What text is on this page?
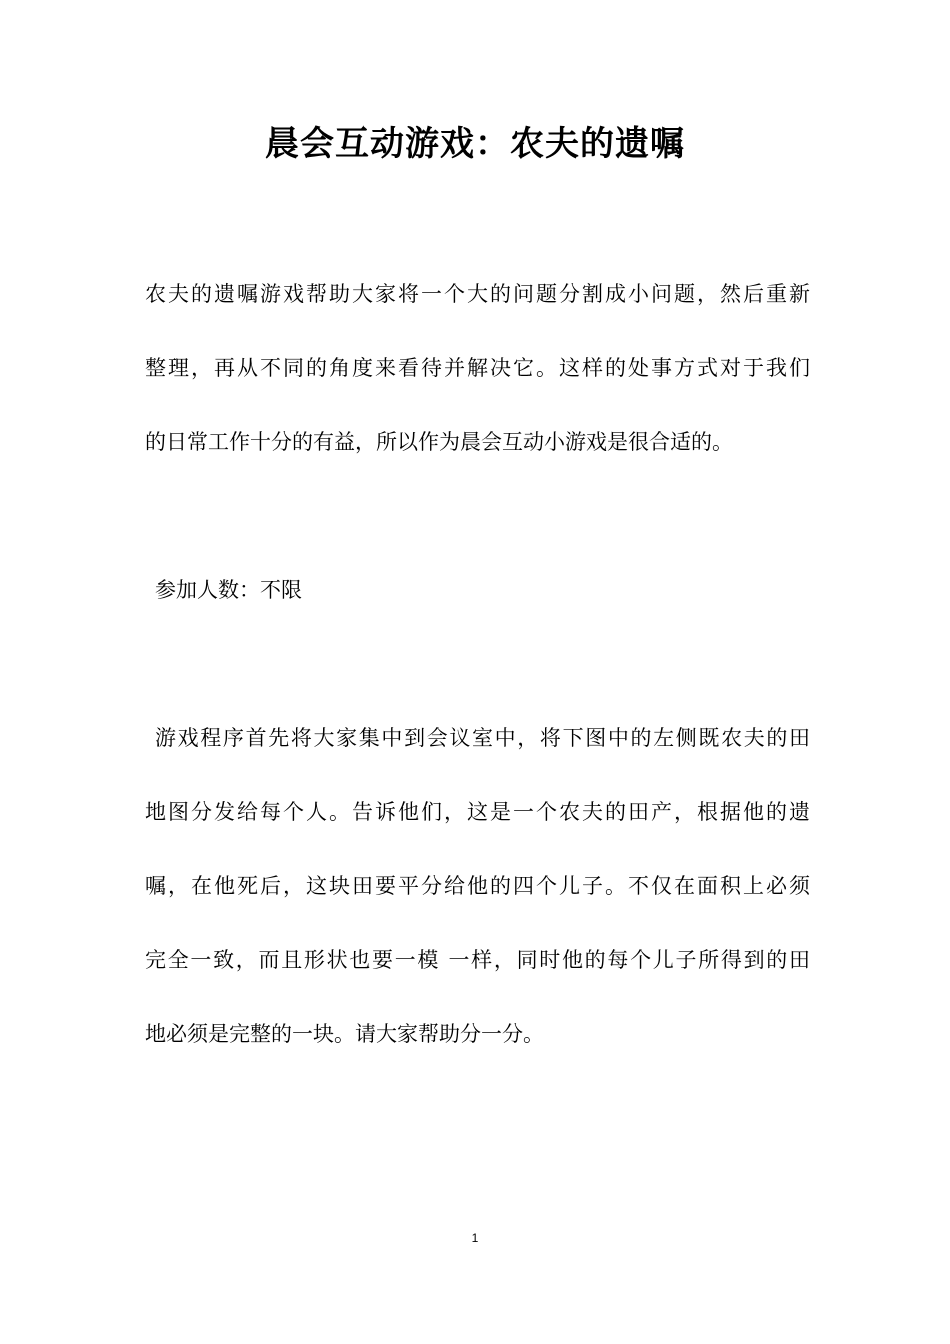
晨会互动游戏：农夫的遗嘱
农夫的遗嘱游戏帮助大家将一个大的问题分割成小问题，然后重新
整理，再从不同的角度来看待并解决它。这样的处事方式对于我们
的日常工作十分的有益，所以作为晨会互动小游戏是很合适的。
参加人数：不限
游戏程序首先将大家集中到会议室中，将下图中的左侧既农夫的田
地图分发给每个人。告诉他们，这是一个农夫的田产，根据他的遗
嘱，在他死后，这块田要平分给他的四个儿子。不仅在面积上必须
完全一致，而且形状也要一模 一样，同时他的每个儿子所得到的田
地必须是完整的一块。请大家帮助分一分。
1
